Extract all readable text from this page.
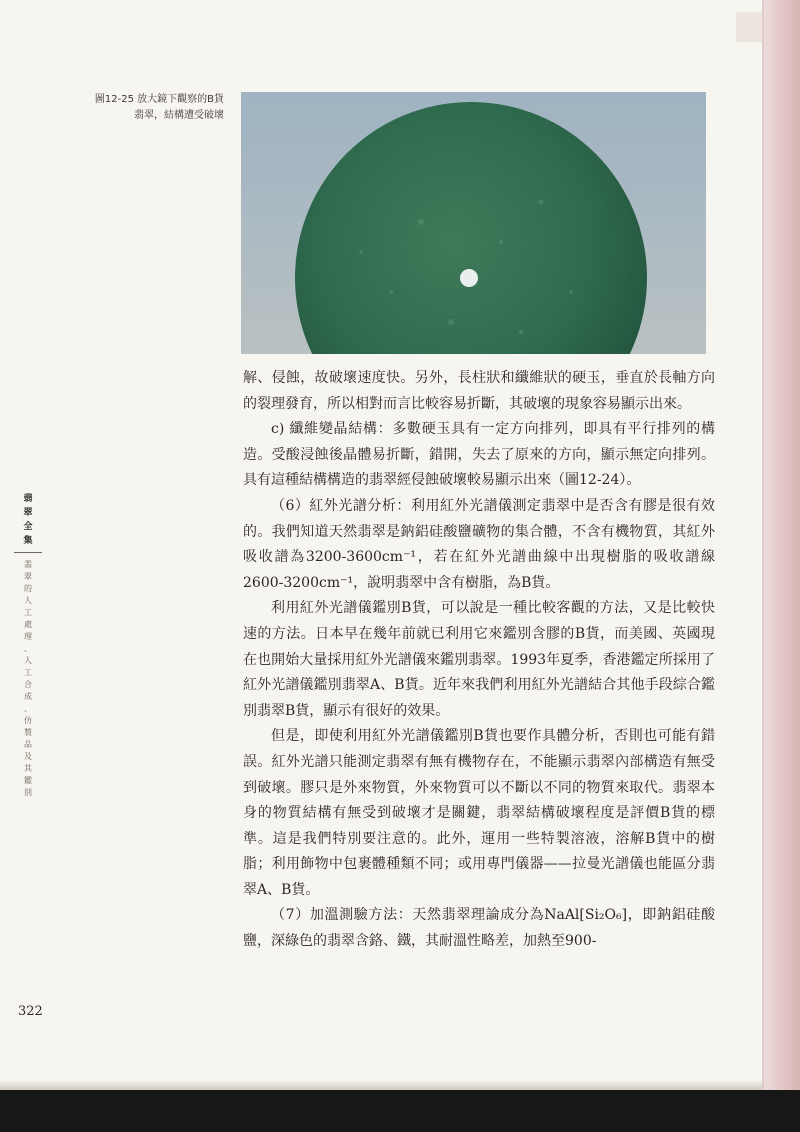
圖12-25 放大鏡下觀察的B貨
翡翠，結構遭受破壞
翡
翠
全
集
翡
翠
的
人
工
處
理
、
人
工
合
成
、
仿
製
品
及
其
鑑
別

解、侵蝕，故破壞速度快。另外，長柱狀和纖維狀的硬玉，垂直於長軸方向的裂理發育，所以相對而言比較容易折斷，其破壞的現象容易顯示出來。

c) 纖維變晶結構：多數硬玉具有一定方向排列，即具有平行排列的構造。受酸浸蝕後晶體易折斷，錯開，失去了原來的方向，顯示無定向排列。具有這種結構構造的翡翠經侵蝕破壞較易顯示出來（圖12-24）。

（6）紅外光譜分析：利用紅外光譜儀測定翡翠中是否含有膠是很有效的。我們知道天然翡翠是鈉鋁硅酸鹽礦物的集合體，不含有機物質，其紅外吸收譜為3200-3600cm⁻¹，若在紅外光譜曲線中出現樹脂的吸收譜線2600-3200cm⁻¹，說明翡翠中含有樹脂，為B貨。

利用紅外光譜儀鑑別B貨，可以說是一種比較客觀的方法，又是比較快速的方法。日本早在幾年前就已利用它來鑑別含膠的B貨，而美國、英國現在也開始大量採用紅外光譜儀來鑑別翡翠。1993年夏季，香港鑑定所採用了紅外光譜儀鑑別翡翠A、B貨。近年來我們利用紅外光譜結合其他手段綜合鑑別翡翠B貨，顯示有很好的效果。

但是，即使利用紅外光譜儀鑑別B貨也要作具體分析，否則也可能有錯誤。紅外光譜只能測定翡翠有無有機物存在，不能顯示翡翠內部構造有無受到破壞。膠只是外來物質，外來物質可以不斷以不同的物質來取代。翡翠本身的物質結構有無受到破壞才是關鍵，翡翠結構破壞程度是評價B貨的標準。這是我們特別要注意的。此外，運用一些特製溶液，溶解B貨中的樹脂；利用飾物中包裹體種類不同；或用專門儀器——拉曼光譜儀也能區分翡翠A、B貨。

（7）加溫測驗方法：天然翡翠理論成分為NaAl[Si₂O₆]，即鈉鋁硅酸鹽，深綠色的翡翠含鉻、鐵，其耐溫性略差，加熱至900-

322
